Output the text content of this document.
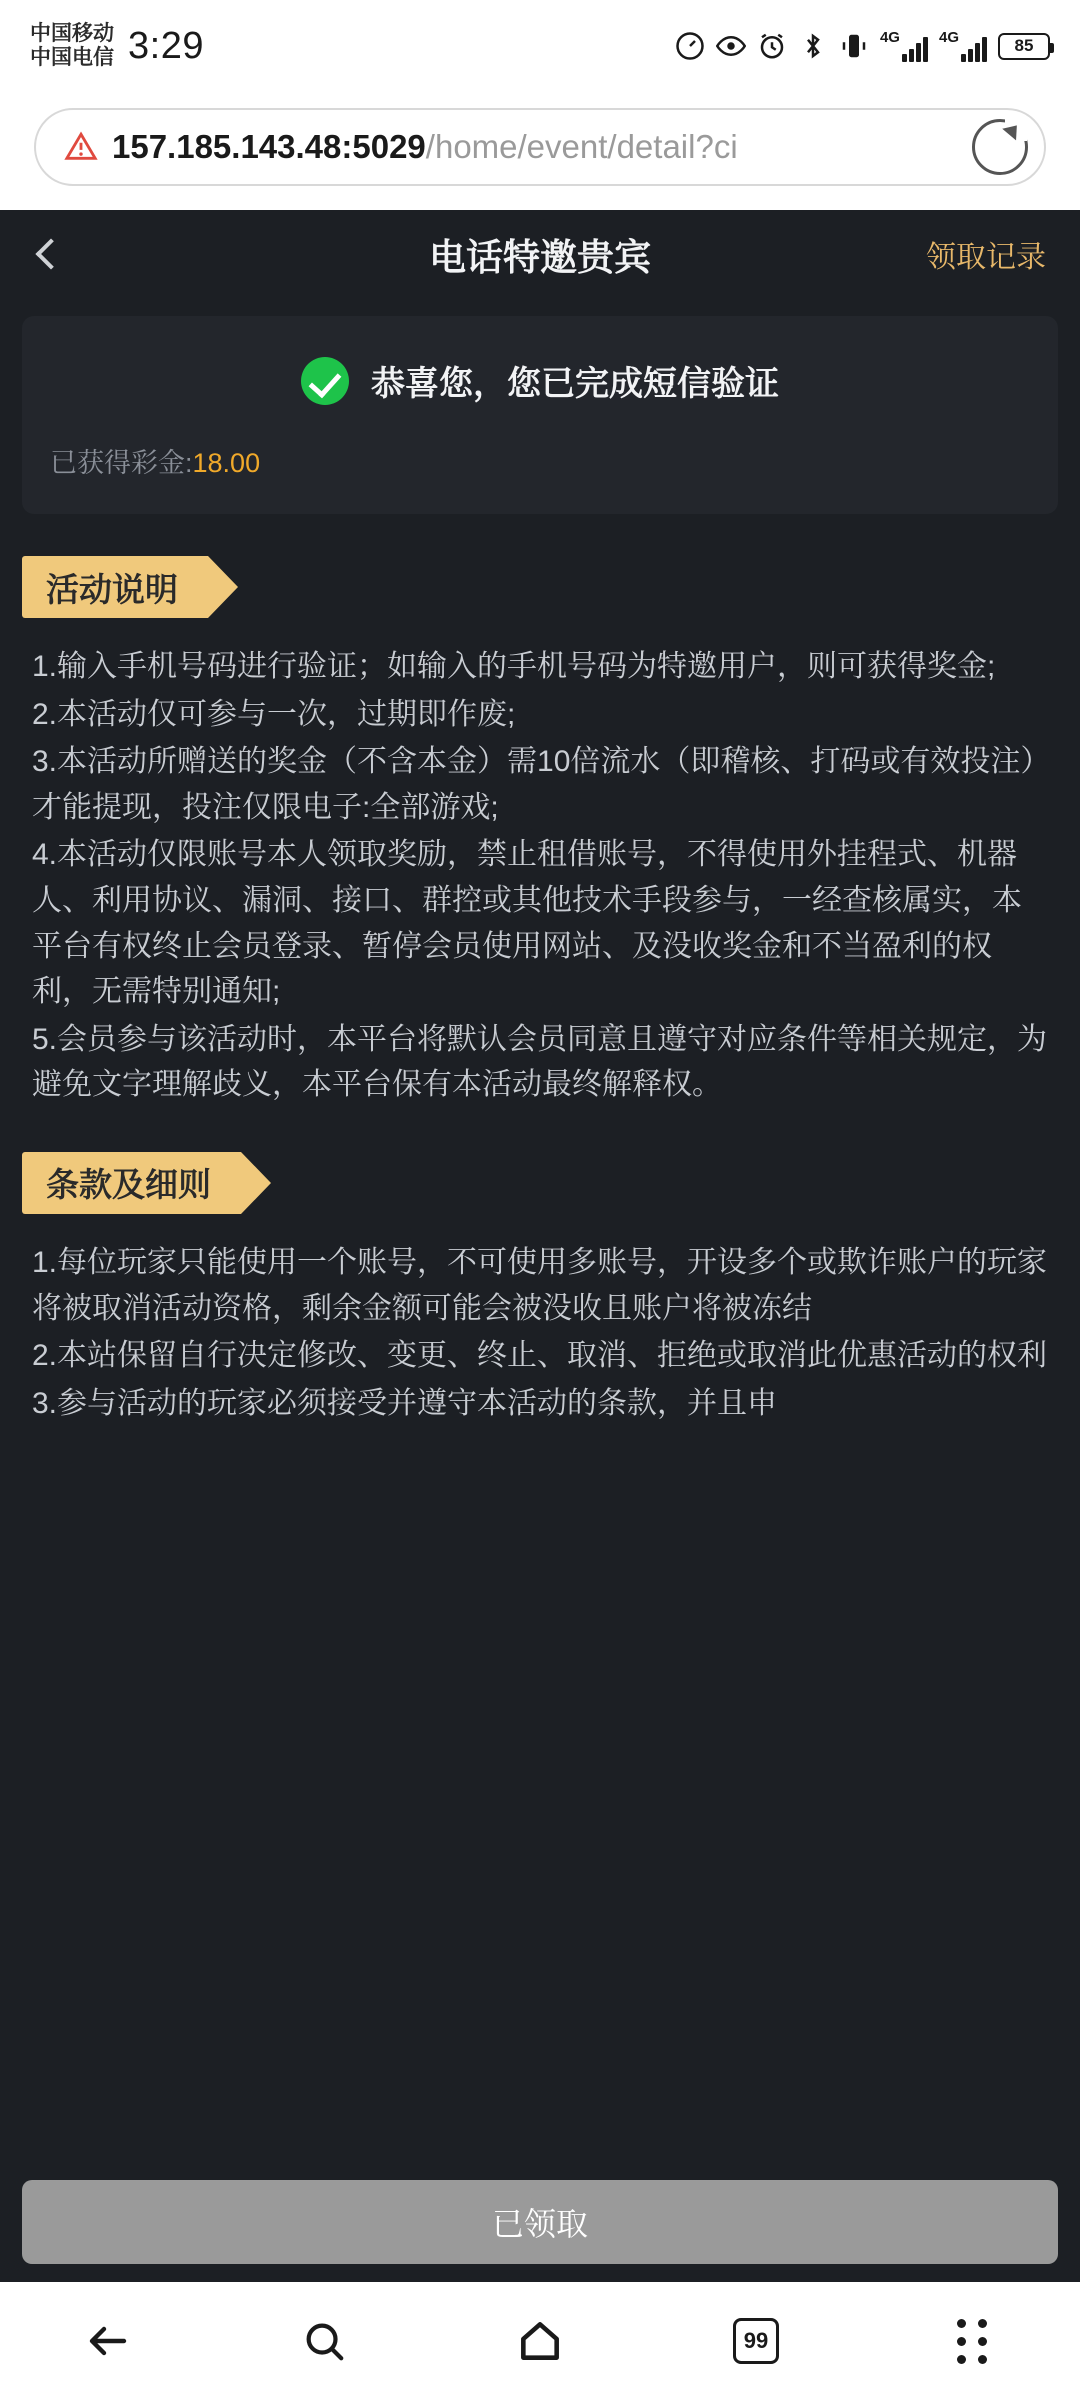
中国移动
中国电信 3:29	4G	4G	85
157.185.143.48:5029/home/event/detail?ci
电话特邀贵宾	领取记录
恭喜您，您已完成短信验证
已获得彩金:18.00
活动说明

1.输入手机号码进行验证；如输入的手机号码为特邀用户，则可获得奖金;

2.本活动仅可参与一次，过期即作废;

3.本活动所赠送的奖金（不含本金）需10倍流水（即稽核、打码或有效投注）才能提现，投注仅限电子:全部游戏;

4.本活动仅限账号本人领取奖励，禁止租借账号，不得使用外挂程式、机器人、利用协议、漏洞、接口、群控或其他技术手段参与，一经查核属实，本平台有权终止会员登录、暂停会员使用网站、及没收奖金和不当盈利的权利，无需特别通知;

5.会员参与该活动时，本平台将默认会员同意且遵守对应条件等相关规定，为避免文字理解歧义，本平台保有本活动最终解释权。

条款及细则

1.每位玩家只能使用一个账号，不可使用多账号，开设多个或欺诈账户的玩家将被取消活动资格，剩余金额可能会被没收且账户将被冻结

2.本站保留自行决定修改、变更、终止、取消、拒绝或取消此优惠活动的权利

3.参与活动的玩家必须接受并遵守本活动的条款，并且申

已领取
99
